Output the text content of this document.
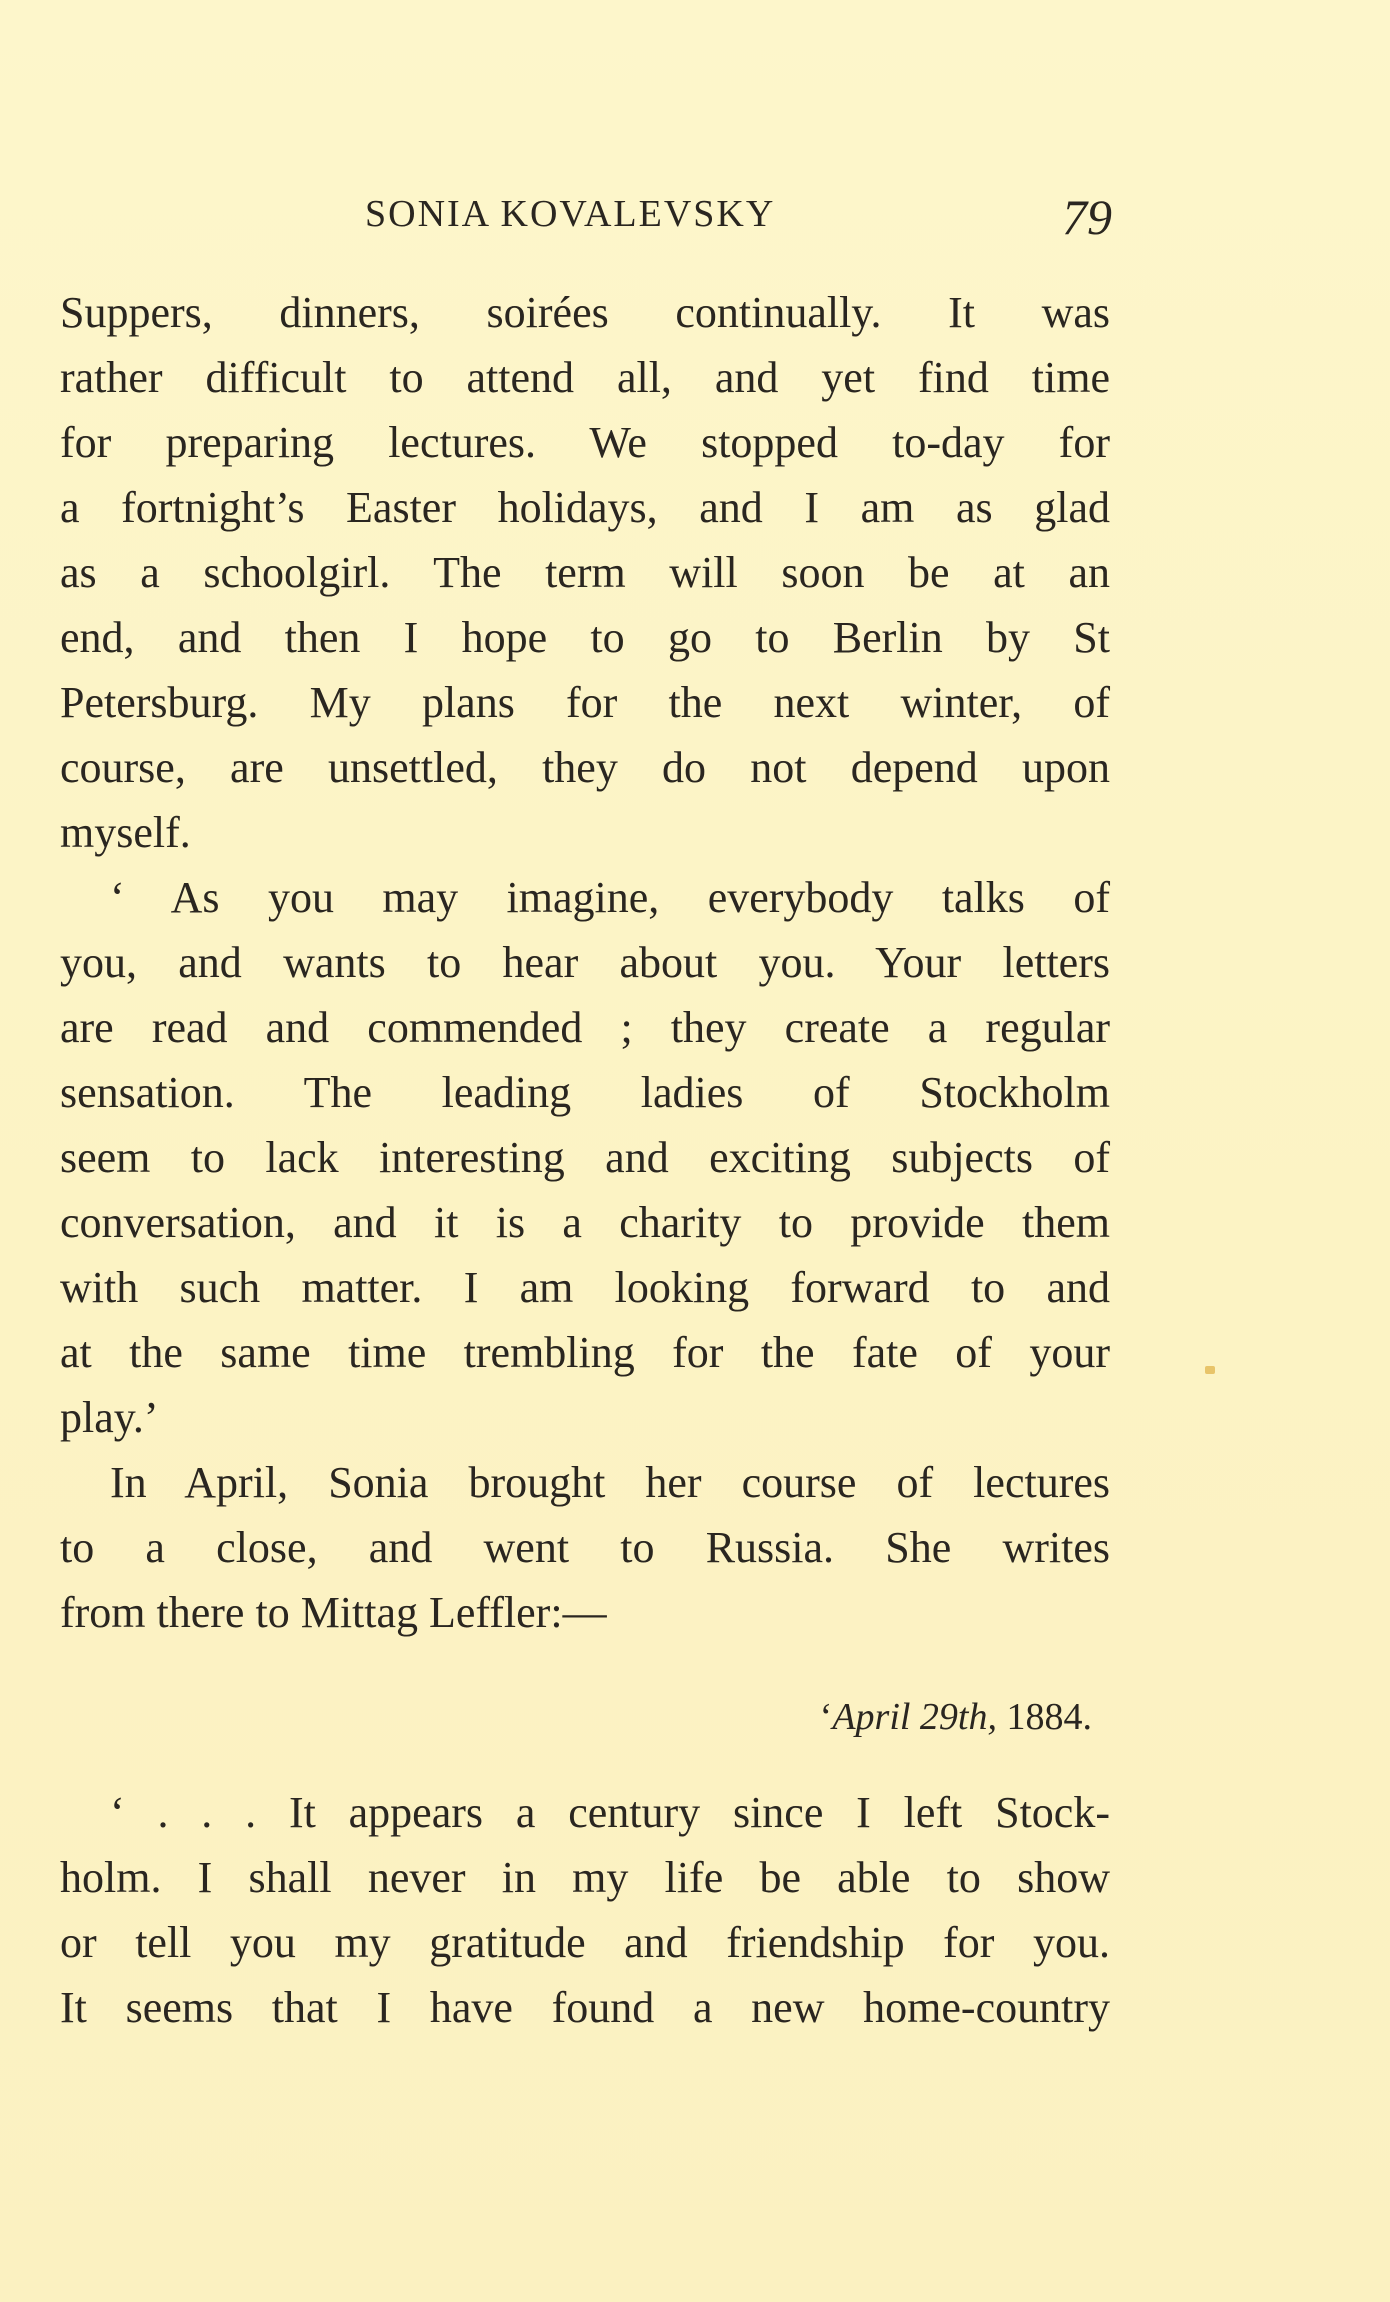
SONIA KOVALEVSKY	79
Suppers, dinners, soirées continually. It was
rather difficult to attend all, and yet find time
for preparing lectures. We stopped to-day for
a fortnight’s Easter holidays, and I am as glad
as a schoolgirl. The term will soon be at an
end, and then I hope to go to Berlin by St
Petersburg. My plans for the next winter, of
course, are unsettled, they do not depend upon
myself.
‘ As you may imagine, everybody talks of
you, and wants to hear about you. Your letters
are read and commended ; they create a regular
sensation. The leading ladies of Stockholm
seem to lack interesting and exciting subjects of
conversation, and it is a charity to provide them
with such matter. I am looking forward to and
at the same time trembling for the fate of your
play.’
In April, Sonia brought her course of lectures
to a close, and went to Russia. She writes
from there to Mittag Leffler:—
‘April 29th, 1884.
‘ . . . It appears a century since I left Stock-
holm. I shall never in my life be able to show
or tell you my gratitude and friendship for you.
It seems that I have found a new home-country
